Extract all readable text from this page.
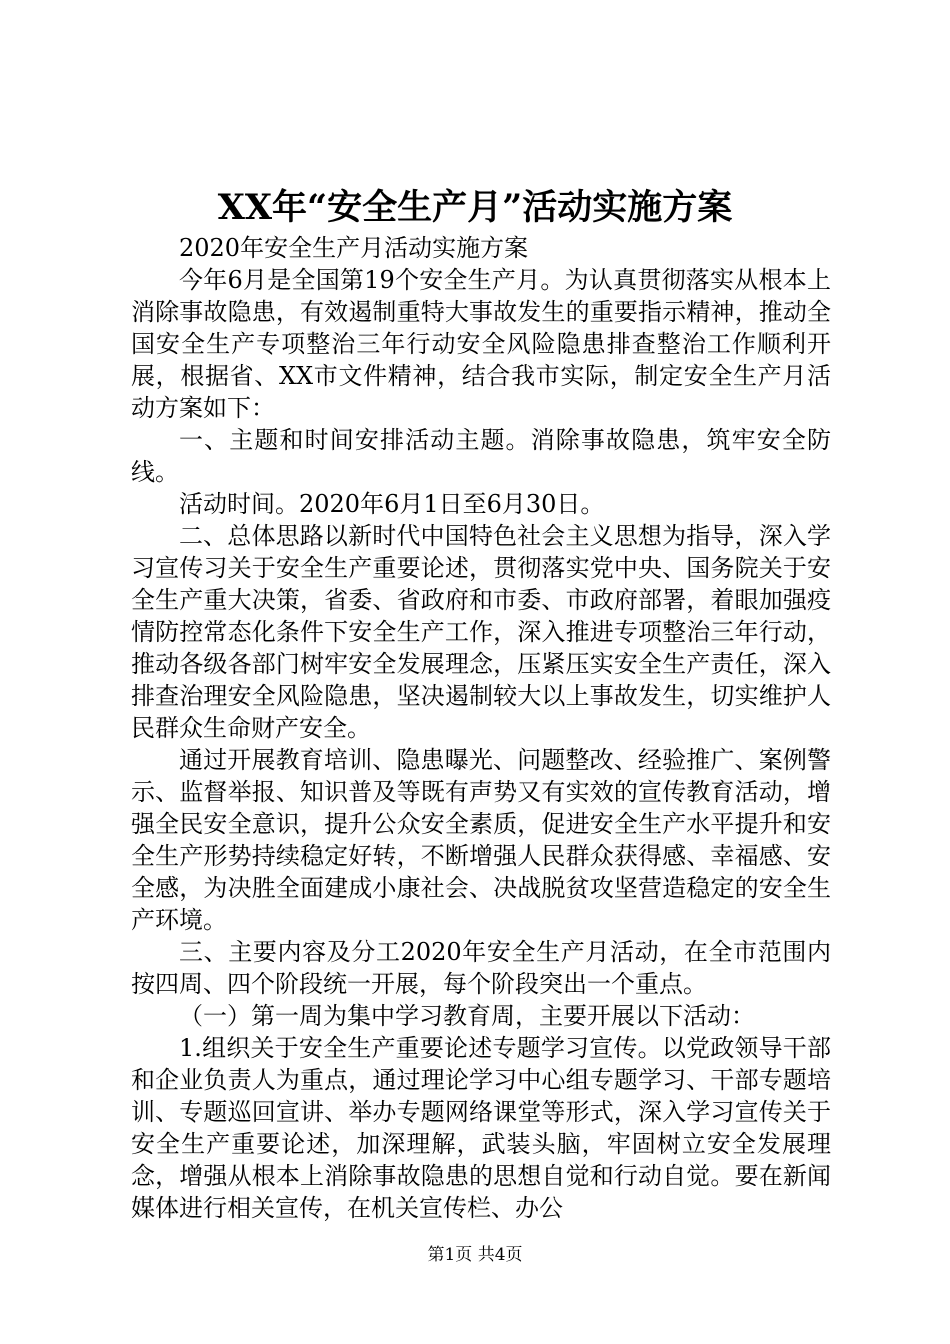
XX年“安全生产月”活动实施方案

2020年安全生产月活动实施方案

今年6月是全国第19个安全生产月。为认真贯彻落实从根本上消除事故隐患，有效遏制重特大事故发生的重要指示精神，推动全国安全生产专项整治三年行动安全风险隐患排查整治工作顺利开展，根据省、XX市文件精神，结合我市实际，制定安全生产月活动方案如下：

一、主题和时间安排活动主题。消除事故隐患，筑牢安全防线。

活动时间。2020年6月1日至6月30日。

二、总体思路以新时代中国特色社会主义思想为指导，深入学习宣传习关于安全生产重要论述，贯彻落实党中央、国务院关于安全生产重大决策，省委、省政府和市委、市政府部署，着眼加强疫情防控常态化条件下安全生产工作，深入推进专项整治三年行动，推动各级各部门树牢安全发展理念，压紧压实安全生产责任，深入排查治理安全风险隐患，坚决遏制较大以上事故发生，切实维护人民群众生命财产安全。

通过开展教育培训、隐患曝光、问题整改、经验推广、案例警示、监督举报、知识普及等既有声势又有实效的宣传教育活动，增强全民安全意识，提升公众安全素质，促进安全生产水平提升和安全生产形势持续稳定好转，不断增强人民群众获得感、幸福感、安全感，为决胜全面建成小康社会、决战脱贫攻坚营造稳定的安全生产环境。

三、主要内容及分工2020年安全生产月活动，在全市范围内按四周、四个阶段统一开展，每个阶段突出一个重点。

（一）第一周为集中学习教育周，主要开展以下活动：

1.组织关于安全生产重要论述专题学习宣传。以党政领导干部和企业负责人为重点，通过理论学习中心组专题学习、干部专题培训、专题巡回宣讲、举办专题网络课堂等形式，深入学习宣传关于安全生产重要论述，加深理解，武装头脑，牢固树立安全发展理念，增强从根本上消除事故隐患的思想自觉和行动自觉。要在新闻媒体进行相关宣传，在机关宣传栏、办公

第1页 共4页
